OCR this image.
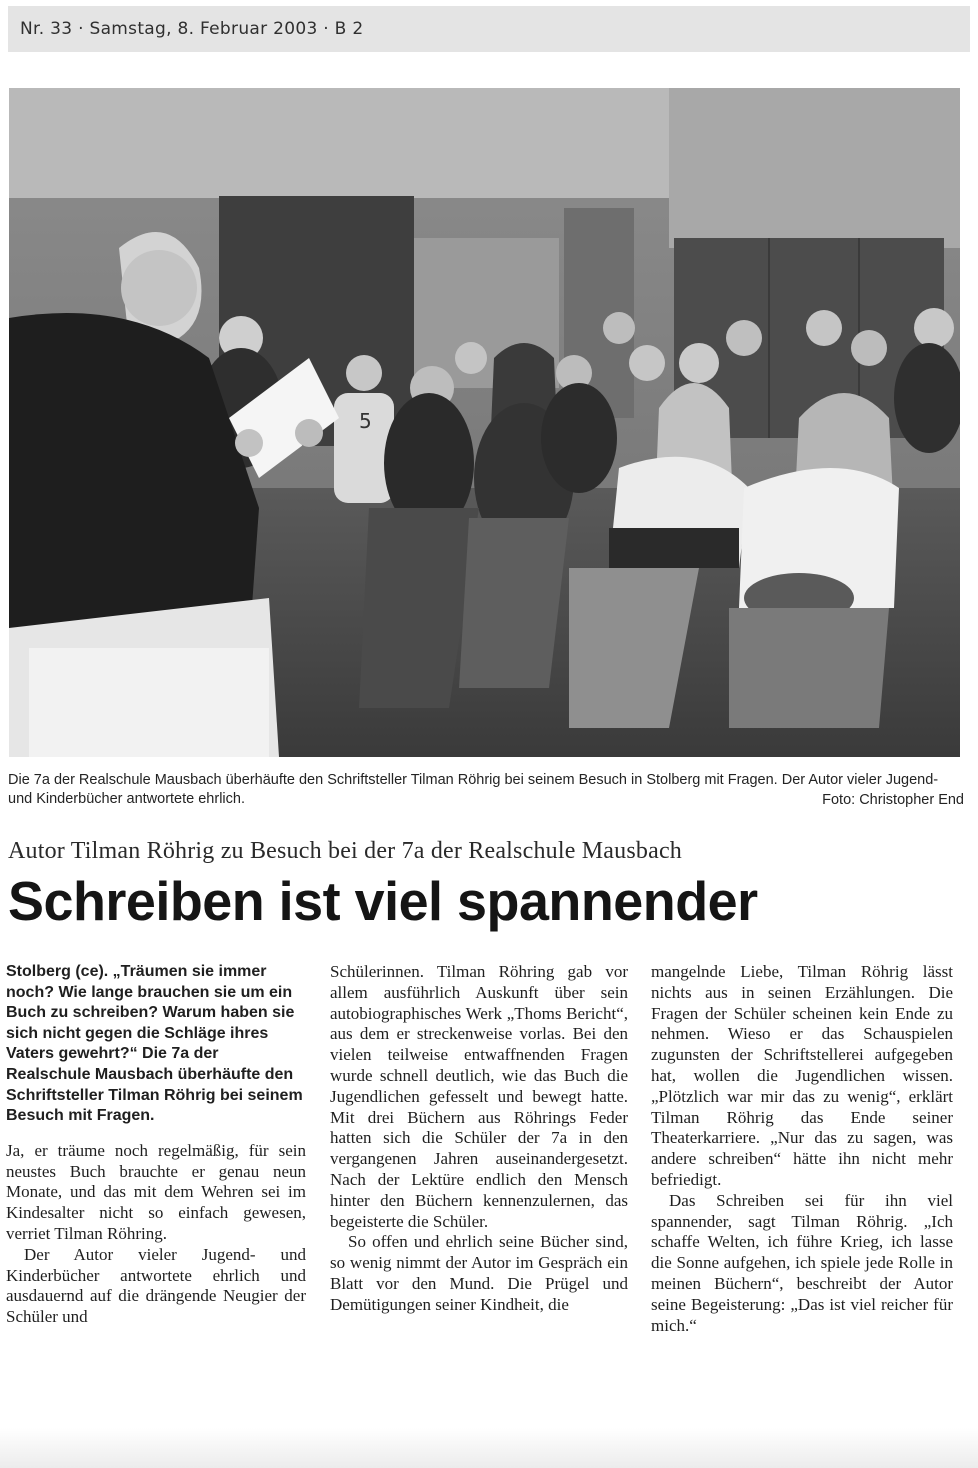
Nr. 33 · Samstag, 8. Februar 2003 · B 2
5
Die 7a der Realschule Mausbach überhäufte den Schriftsteller Tilman Röhrig bei seinem Besuch in Stolberg mit Fragen. Der Autor vieler Jugend- und Kinderbücher antwortete ehrlich.	Foto: Christopher End
Autor Tilman Röhrig zu Besuch bei der 7a der Realschule Mausbach
Schreiben ist viel spannender

Stolberg (ce). „Träumen sie immer noch? Wie lange brauchen sie um ein Buch zu schreiben? Warum haben sie sich nicht gegen die Schläge ihres Vaters gewehrt?“ Die 7a der Realschule Mausbach überhäufte den Schriftsteller Tilman Röhrig bei seinem Besuch mit Fragen.

Ja, er träume noch regelmäßig, für sein neustes Buch brauchte er genau neun Monate, und das mit dem Wehren sei im Kindesalter nicht so einfach gewesen, verriet Tilman Röhring.

Der Autor vieler Jugend- und Kinderbücher antwortete ehrlich und ausdauernd auf die drängende Neugier der Schüler und

Schülerinnen. Tilman Röhring gab vor allem ausführlich Auskunft über sein autobiographisches Werk „Thoms Bericht“, aus dem er streckenweise vorlas. Bei den vielen teilweise entwaffnenden Fragen wurde schnell deutlich, wie das Buch die Jugendlichen gefesselt und bewegt hatte. Mit drei Büchern aus Röhrings Feder hatten sich die Schüler der 7a in den vergangenen Jahren auseinandergesetzt. Nach der Lektüre endlich den Mensch hinter den Büchern kennenzulernen, das begeisterte die Schüler.

So offen und ehrlich seine Bücher sind, so wenig nimmt der Autor im Gespräch ein Blatt vor den Mund. Die Prügel und Demütigungen seiner Kindheit, die

mangelnde Liebe, Tilman Röhrig lässt nichts aus in seinen Erzählungen. Die Fragen der Schüler scheinen kein Ende zu nehmen. Wieso er das Schauspielen zugunsten der Schriftstellerei aufgegeben hat, wollen die Jugendlichen wissen. „Plötzlich war mir das zu wenig“, erklärt Tilman Röhrig das Ende seiner Theaterkarriere. „Nur das zu sagen, was andere schreiben“ hätte ihn nicht mehr befriedigt.

Das Schreiben sei für ihn viel spannender, sagt Tilman Röhrig. „Ich schaffe Welten, ich führe Krieg, ich lasse die Sonne aufgehen, ich spiele jede Rolle in meinen Büchern“, beschreibt der Autor seine Begeisterung: „Das ist viel reicher für mich.“
